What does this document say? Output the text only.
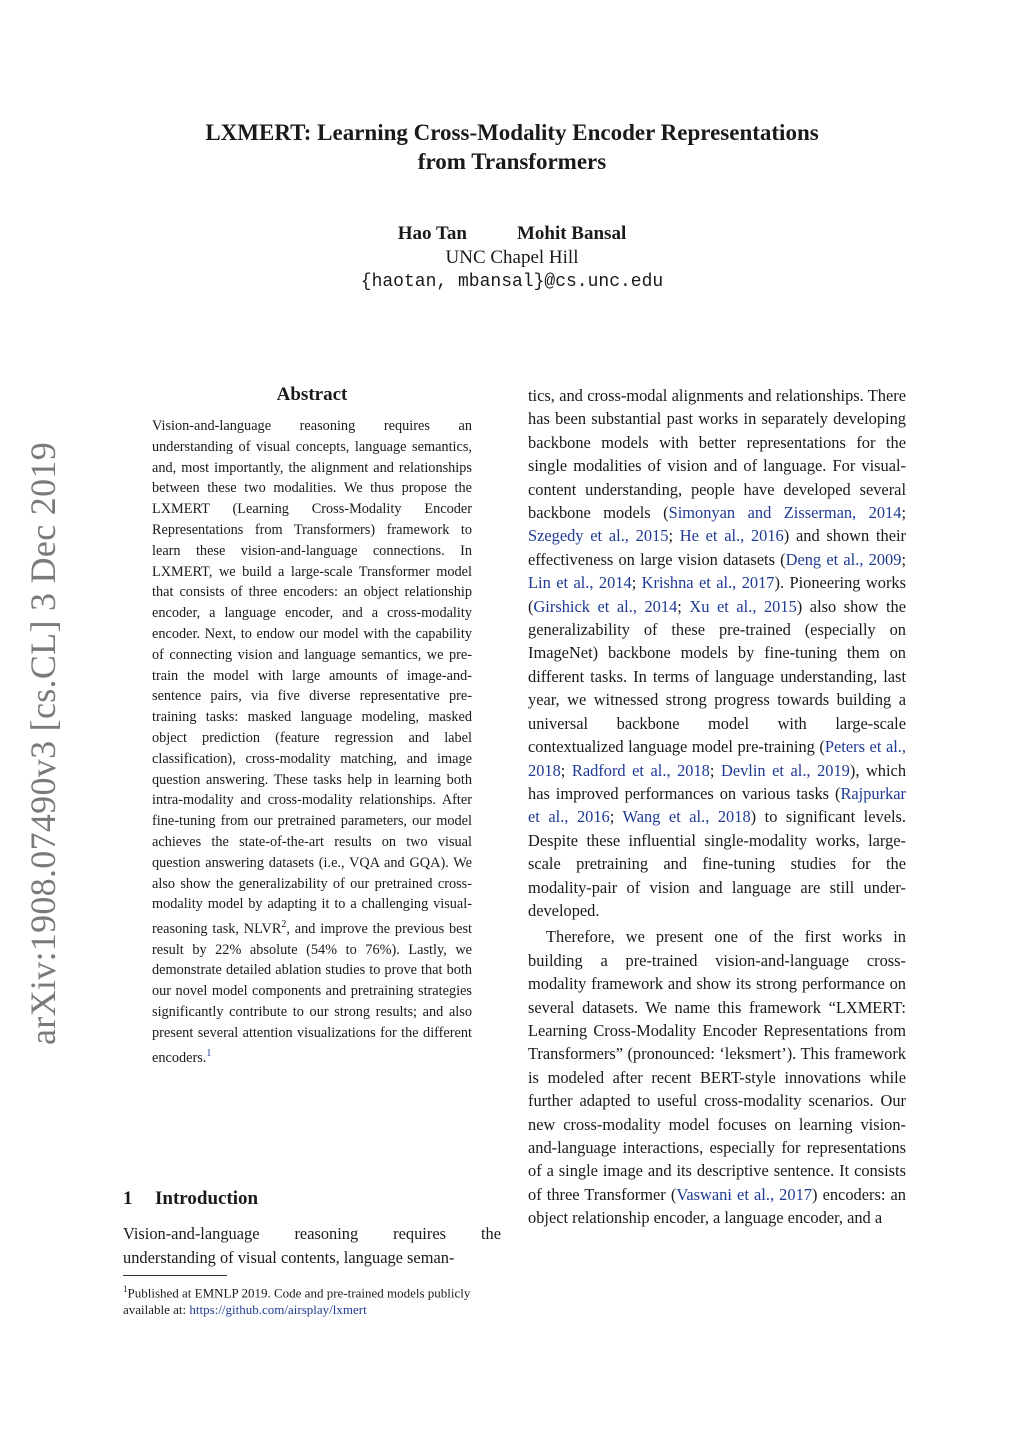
arXiv:1908.07490v3 [cs.CL] 3 Dec 2019
LXMERT: Learning Cross-Modality Encoder Representations
from Transformers
Hao Tan	Mohit Bansal
UNC Chapel Hill
{haotan, mbansal}@cs.unc.edu
Abstract

Vision-and-language reasoning requires an understanding of visual concepts, language semantics, and, most importantly, the alignment and relationships between these two modalities. We thus propose the LXMERT (Learning Cross-Modality Encoder Representations from Transformers) framework to learn these vision-and-language connections. In LXMERT, we build a large-scale Transformer model that consists of three encoders: an object relationship encoder, a language encoder, and a cross-modality encoder. Next, to endow our model with the capability of connecting vision and language semantics, we pre-train the model with large amounts of image-and-sentence pairs, via five diverse representative pre-training tasks: masked language modeling, masked object prediction (feature regression and label classification), cross-modality matching, and image question answering. These tasks help in learning both intra-modality and cross-modality relationships. After fine-tuning from our pretrained parameters, our model achieves the state-of-the-art results on two visual question answering datasets (i.e., VQA and GQA). We also show the generalizability of our pretrained cross-modality model by adapting it to a challenging visual-reasoning task, NLVR$^2$, and improve the previous best result by 22% absolute (54% to 76%). Lastly, we demonstrate detailed ablation studies to prove that both our novel model components and pretraining strategies significantly contribute to our strong results; and also present several attention visualizations for the different encoders.$^1$

1 Introduction

Vision-and-language reasoning requires the understanding of visual contents, language seman-

$^1$Published at EMNLP 2019. Code and pre-trained models publicly available at: https://github.com/airsplay/lxmert

tics, and cross-modal alignments and relationships. There has been substantial past works in separately developing backbone models with better representations for the single modalities of vision and of language. For visual-content understanding, people have developed several backbone models (Simonyan and Zisserman, 2014; Szegedy et al., 2015; He et al., 2016) and shown their effectiveness on large vision datasets (Deng et al., 2009; Lin et al., 2014; Krishna et al., 2017). Pioneering works (Girshick et al., 2014; Xu et al., 2015) also show the generalizability of these pre-trained (especially on ImageNet) backbone models by fine-tuning them on different tasks. In terms of language understanding, last year, we witnessed strong progress towards building a universal backbone model with large-scale contextualized language model pre-training (Peters et al., 2018; Radford et al., 2018; Devlin et al., 2019), which has improved performances on various tasks (Rajpurkar et al., 2016; Wang et al., 2018) to significant levels. Despite these influential single-modality works, large-scale pretraining and fine-tuning studies for the modality-pair of vision and language are still under-developed.

Therefore, we present one of the first works in building a pre-trained vision-and-language cross-modality framework and show its strong performance on several datasets. We name this framework “LXMERT: Learning Cross-Modality Encoder Representations from Transformers” (pronounced: ‘leksmert’). This framework is modeled after recent BERT-style innovations while further adapted to useful cross-modality scenarios. Our new cross-modality model focuses on learning vision-and-language interactions, especially for representations of a single image and its descriptive sentence. It consists of three Transformer (Vaswani et al., 2017) encoders: an object relationship encoder, a language encoder, and a
